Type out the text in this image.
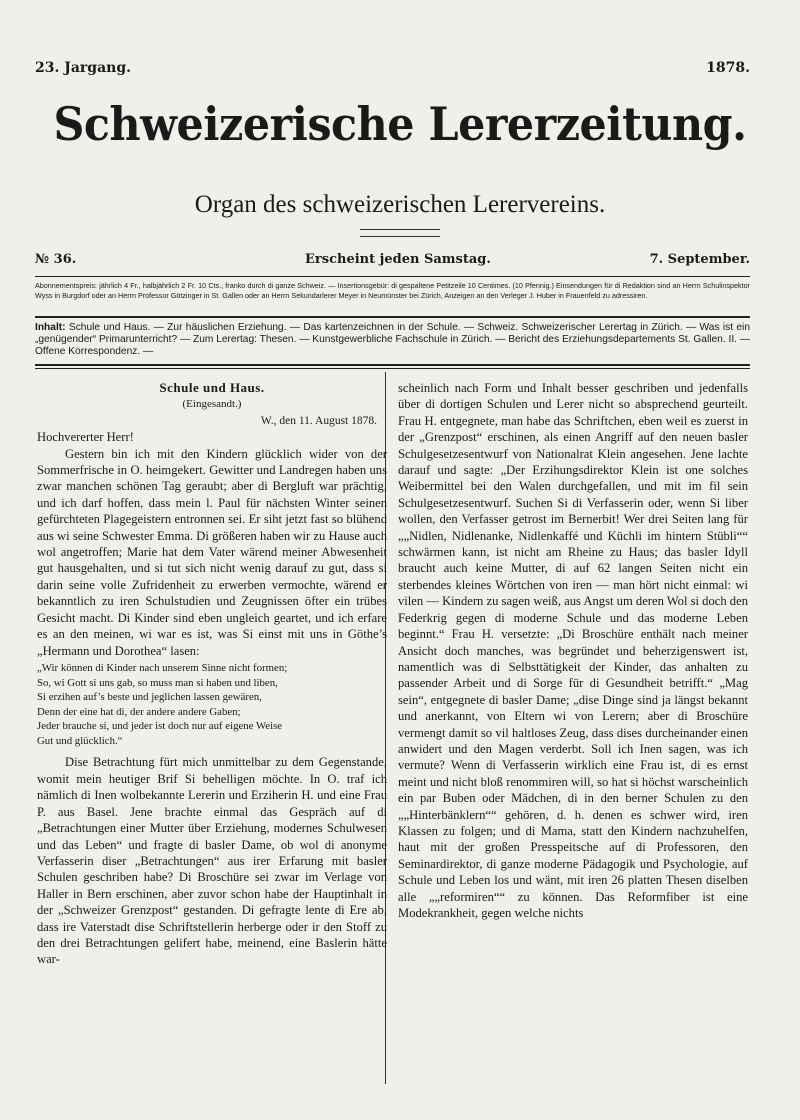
23. Jargang.	1878.
Schweizerische Lererzeitung.
Organ des schweizerischen Lerervereins.
№ 36.	Erscheint jeden Samstag.	7. September.
Abonnementspreis: jährlich 4 Fr., halbjährlich 2 Fr. 10 Cts., franko durch di ganze Schweiz. — Insertionsgebür: di gespaltene Petitzeile 10 Centimes. (10 Pfennig.) Einsendungen für di Redaktion sind an Herrn Schulinspektor Wyss in Burgdorf oder an Herrn Professor Götzinger in St. Gallen oder an Herrn Sekundarlerer Meyer in Neumünster bei Zürich, Anzeigen an den Verleger J. Huber in Frauenfeld zu adressiren.
Inhalt: Schule und Haus. — Zur häuslichen Erziehung. — Das kartenzeichnen in der Schule. — Schweiz. Schweizerischer Lerertag in Zürich. — Was ist ein „genügender“ Primarunterricht? — Zum Lerertag: Thesen. — Kunstgewerbliche Fachschule in Zürich. — Bericht des Erziehungsdepartements St. Gallen. II. — Offene Korrespondenz. —

Schule und Haus.

(Eingesandt.)

W., den 11. August 1878.

Hochvererter Herr!

Gestern bin ich mit den Kindern glücklich wider von der Sommerfrische in O. heimgekert. Gewitter und Landregen haben uns zwar manchen schönen Tag geraubt; aber di Bergluft war prächtig, und ich darf hoffen, dass mein l. Paul für nächsten Winter seinen gefürchteten Plagegeistern entronnen sei. Er siht jetzt fast so blühend aus wi seine Schwester Emma. Di größeren haben wir zu Hause auch wol angetroffen; Marie hat dem Vater wärend meiner Abwesenheit gut hausgehalten, und si tut sich nicht wenig darauf zu gut, dass si darin seine volle Zufridenheit zu erwerben vermochte, wärend er bekanntlich zu iren Schulstudien und Zeugnissen öfter ein trübes Gesicht macht. Di Kinder sind eben ungleich geartet, und ich erfare es an den meinen, wi war es ist, was Si einst mit uns in Göthe’s „Hermann und Dorothea“ lasen:

„Wir können di Kinder nach unserem Sinne nicht formen;
So, wi Gott si uns gab, so muss man si haben und liben,
Si erzihen auf’s beste und jeglichen lassen gewären,
Denn der eine hat di, der andere andere Gaben;
Jeder brauche si, und jeder ist doch nur auf eigene Weise
Gut und glücklich.“

Dise Betrachtung fürt mich unmittelbar zu dem Gegenstande, womit mein heutiger Brif Si behelligen möchte. In O. traf ich nämlich di Inen wolbekannte Lererin und Erziherin H. und eine Frau P. aus Basel. Jene brachte einmal das Gespräch auf di „Betrachtungen einer Mutter über Erziehung, modernes Schulwesen und das Leben“ und fragte di basler Dame, ob wol di anonyme Verfasserin diser „Betrachtungen“ aus irer Erfarung mit basler Schulen geschriben habe? Di Broschüre sei zwar im Verlage von Haller in Bern erschinen, aber zuvor schon habe der Hauptinhalt in der „Schweizer Grenzpost“ gestanden. Di gefragte lente di Ere ab, dass ire Vaterstadt dise Schriftstellerin herberge oder ir den Stoff zu den drei Betrachtungen gelifert habe, meinend, eine Baslerin hätte war-

scheinlich nach Form und Inhalt besser geschriben und jedenfalls über di dortigen Schulen und Lerer nicht so absprechend geurteilt. Frau H. entgegnete, man habe das Schriftchen, eben weil es zuerst in der „Grenzpost“ erschinen, als einen Angriff auf den neuen basler Schulgesetzesentwurf von Nationalrat Klein angesehen. Jene lachte darauf und sagte: „Der Erzihungsdirektor Klein ist one solches Weibermittel bei den Walen durchgefallen, und mit im fil sein Schulgesetzesentwurf. Suchen Si di Verfasserin oder, wenn Si liber wollen, den Verfasser getrost im Bernerbit! Wer drei Seiten lang für „„Nidlen, Nidlenanke, Nidlenkaffé und Küchli im hintern Stübli““ schwärmen kann, ist nicht am Rheine zu Haus; das basler Idyll braucht auch keine Mutter, di auf 62 langen Seiten nicht ein sterbendes kleines Wörtchen von iren — man hört nicht einmal: wi vilen — Kindern zu sagen weiß, aus Angst um deren Wol si doch den Federkrig gegen di moderne Schule und das moderne Leben beginnt.“ Frau H. versetzte: „Di Broschüre enthält nach meiner Ansicht doch manches, was begründet und beherzigenswert ist, namentlich was di Selbsttätigkeit der Kinder, das anhalten zu passender Arbeit und di Sorge für di Gesundheit betrifft.“ „Mag sein“, entgegnete di basler Dame; „dise Dinge sind ja längst bekannt und anerkannt, von Eltern wi von Lerern; aber di Broschüre vermengt damit so vil haltloses Zeug, dass dises durcheinander einen anwidert und den Magen verderbt. Soll ich Inen sagen, was ich vermute? Wenn di Verfasserin wirklich eine Frau ist, di es ernst meint und nicht bloß renommiren will, so hat si höchst warscheinlich ein par Buben oder Mädchen, di in den berner Schulen zu den „„Hinterbänklern““ gehören, d. h. denen es schwer wird, iren Klassen zu folgen; und di Mama, statt den Kindern nachzuhelfen, haut mit der großen Presspeitsche auf di Professoren, den Seminardirektor, di ganze moderne Pädagogik und Psychologie, auf Schule und Leben los und wänt, mit iren 26 platten Thesen diselben alle „„reformiren““ zu können. Das Reformfiber ist eine Modekrankheit, gegen welche nichts
